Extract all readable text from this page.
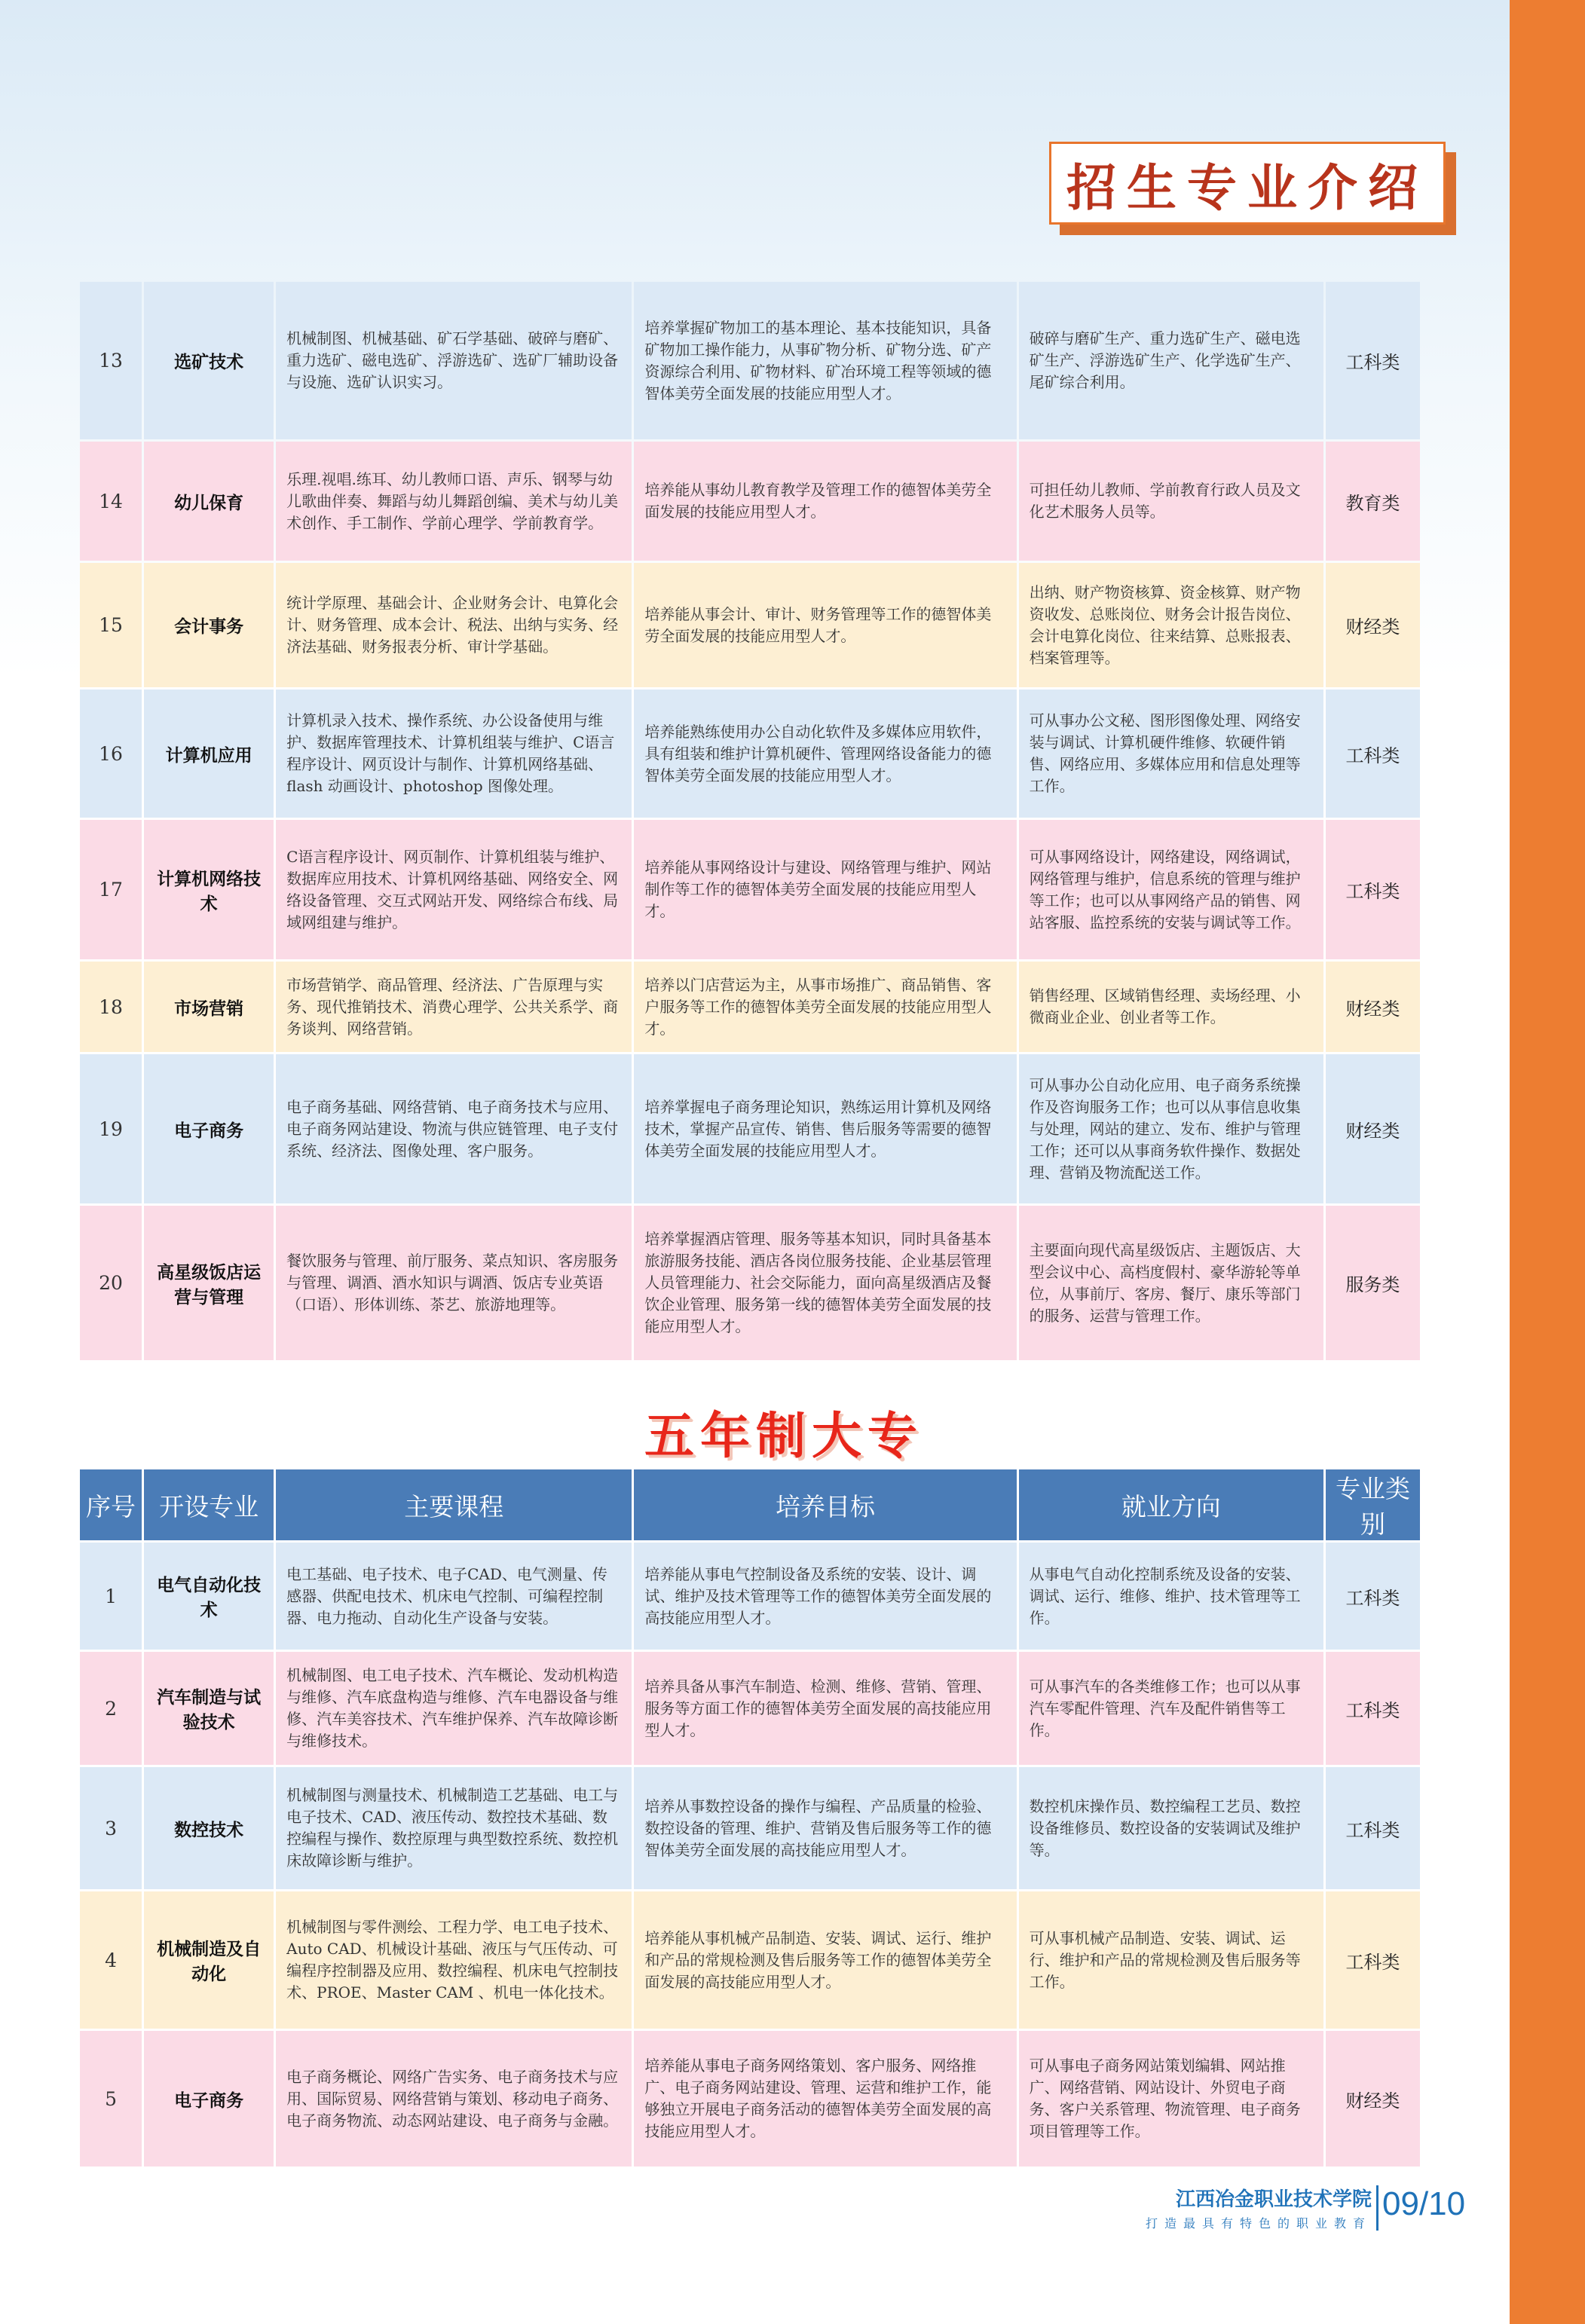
招生专业介绍
13	选矿技术	机械制图、机械基础、矿石学基础、破碎与磨矿、重力选矿、磁电选矿、浮游选矿、选矿厂辅助设备与设施、选矿认识实习。	培养掌握矿物加工的基本理论、基本技能知识，具备矿物加工操作能力，从事矿物分析、矿物分选、矿产资源综合利用、矿物材料、矿冶环境工程等领域的德智体美劳全面发展的技能应用型人才。	破碎与磨矿生产、重力选矿生产、磁电选矿生产、浮游选矿生产、化学选矿生产、尾矿综合利用。	工科类
14	幼儿保育	乐理.视唱.练耳、幼儿教师口语、声乐、钢琴与幼儿歌曲伴奏、舞蹈与幼儿舞蹈创编、美术与幼儿美术创作、手工制作、学前心理学、学前教育学。	培养能从事幼儿教育教学及管理工作的德智体美劳全面发展的技能应用型人才。	可担任幼儿教师、学前教育行政人员及文化艺术服务人员等。	教育类
15	会计事务	统计学原理、基础会计、企业财务会计、电算化会计、财务管理、成本会计、税法、出纳与实务、经济法基础、财务报表分析、审计学基础。	培养能从事会计、审计、财务管理等工作的德智体美劳全面发展的技能应用型人才。	出纳、财产物资核算、资金核算、财产物资收发、总账岗位、财务会计报告岗位、会计电算化岗位、往来结算、总账报表、档案管理等。	财经类
16	计算机应用	计算机录入技术、操作系统、办公设备使用与维护、数据库管理技术、计算机组装与维护、C语言程序设计、网页设计与制作、计算机网络基础、flash 动画设计、photoshop 图像处理。	培养能熟练使用办公自动化软件及多媒体应用软件，具有组装和维护计算机硬件、管理网络设备能力的德智体美劳全面发展的技能应用型人才。	可从事办公文秘、图形图像处理、网络安装与调试、计算机硬件维修、软硬件销售、网络应用、多媒体应用和信息处理等工作。	工科类
17	计算机网络技术	C语言程序设计、网页制作、计算机组装与维护、数据库应用技术、计算机网络基础、网络安全、网络设备管理、交互式网站开发、网络综合布线、局域网组建与维护。	培养能从事网络设计与建设、网络管理与维护、网站制作等工作的德智体美劳全面发展的技能应用型人才。	可从事网络设计，网络建设，网络调试，网络管理与维护，信息系统的管理与维护等工作；也可以从事网络产品的销售、网站客服、监控系统的安装与调试等工作。	工科类
18	市场营销	市场营销学、商品管理、经济法、广告原理与实务、现代推销技术、消费心理学、公共关系学、商务谈判、网络营销。	培养以门店营运为主，从事市场推广、商品销售、客户服务等工作的德智体美劳全面发展的技能应用型人才。	销售经理、区域销售经理、卖场经理、小微商业企业、创业者等工作。	财经类
19	电子商务	电子商务基础、网络营销、电子商务技术与应用、电子商务网站建设、物流与供应链管理、电子支付系统、经济法、图像处理、客户服务。	培养掌握电子商务理论知识，熟练运用计算机及网络技术，掌握产品宣传、销售、售后服务等需要的德智体美劳全面发展的技能应用型人才。	可从事办公自动化应用、电子商务系统操作及咨询服务工作；也可以从事信息收集与处理，网站的建立、发布、维护与管理工作；还可以从事商务软件操作、数据处理、营销及物流配送工作。	财经类
20	高星级饭店运营与管理	餐饮服务与管理、前厅服务、菜点知识、客房服务与管理、调酒、酒水知识与调酒、饭店专业英语（口语）、形体训练、茶艺、旅游地理等。	培养掌握酒店管理、服务等基本知识，同时具备基本旅游服务技能、酒店各岗位服务技能、企业基层管理人员管理能力、社会交际能力，面向高星级酒店及餐饮企业管理、服务第一线的德智体美劳全面发展的技能应用型人才。	主要面向现代高星级饭店、主题饭店、大型会议中心、高档度假村、豪华游轮等单位，从事前厅、客房、餐厅、康乐等部门的服务、运营与管理工作。	服务类
五年制大专
序号	开设专业	主要课程	培养目标	就业方向	专业类别
1	电气自动化技术	电工基础、电子技术、电子CAD、电气测量、传感器、供配电技术、机床电气控制、可编程控制器、电力拖动、自动化生产设备与安装。	培养能从事电气控制设备及系统的安装、设计、调试、维护及技术管理等工作的德智体美劳全面发展的高技能应用型人才。	从事电气自动化控制系统及设备的安装、调试、运行、维修、维护、技术管理等工作。	工科类
2	汽车制造与试验技术	机械制图、电工电子技术、汽车概论、发动机构造与维修、汽车底盘构造与维修、汽车电器设备与维修、汽车美容技术、汽车维护保养、汽车故障诊断与维修技术。	培养具备从事汽车制造、检测、维修、营销、管理、服务等方面工作的德智体美劳全面发展的高技能应用型人才。	可从事汽车的各类维修工作；也可以从事汽车零配件管理、汽车及配件销售等工作。	工科类
3	数控技术	机械制图与测量技术、机械制造工艺基础、电工与电子技术、CAD、液压传动、数控技术基础、数控编程与操作、数控原理与典型数控系统、数控机床故障诊断与维护。	培养从事数控设备的操作与编程、产品质量的检验、数控设备的管理、维护、营销及售后服务等工作的德智体美劳全面发展的高技能应用型人才。	数控机床操作员、数控编程工艺员、数控设备维修员、数控设备的安装调试及维护等。	工科类
4	机械制造及自动化	机械制图与零件测绘、工程力学、电工电子技术、Auto CAD、机械设计基础、液压与气压传动、可编程序控制器及应用、数控编程、机床电气控制技术、PROE、Master CAM 、机电一体化技术。	培养能从事机械产品制造、安装、调试、运行、维护和产品的常规检测及售后服务等工作的德智体美劳全面发展的高技能应用型人才。	可从事机械产品制造、安装、调试、运行、维护和产品的常规检测及售后服务等工作。	工科类
5	电子商务	电子商务概论、网络广告实务、电子商务技术与应用、国际贸易、网络营销与策划、移动电子商务、电子商务物流、动态网站建设、电子商务与金融。	培养能从事电子商务网络策划、客户服务、网络推广、电子商务网站建设、管理、运营和维护工作，能够独立开展电子商务活动的德智体美劳全面发展的高技能应用型人才。	可从事电子商务网站策划编辑、网站推广、网络营销、网站设计、外贸电子商务、客户关系管理、物流管理、电子商务项目管理等工作。	财经类
江西冶金职业技术学院
打造最具有特色的职业教育
09/10
